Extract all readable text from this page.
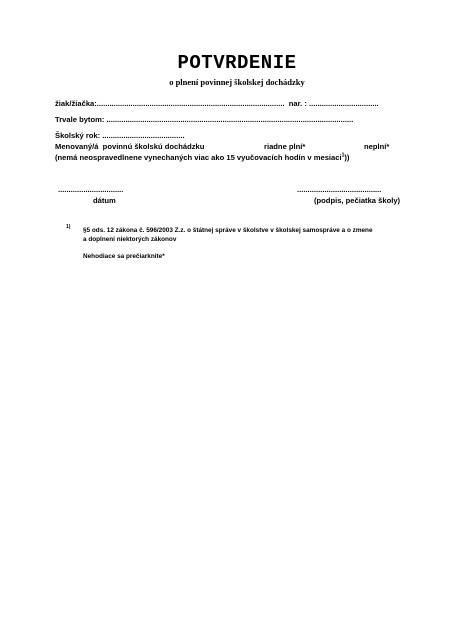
POTVRDENIE
o plnení povinnej školskej dochádzky
žiak/žiačka:.........................................................................................  nar. : .................................
Trvale bytom: .....................................................................................................................
Školský rok: .......................................
Menovaný/á  povinnú školskú dochádzku	riadne plní*	neplní*
(nemá neospravedlnene vynechaných viac ako 15 vyučovacích hodín v mesiaci$^1$))
...............................
dátum
........................................
(podpis, pečiatka školy)
1) §5 ods. 12 zákona č. 596/2003 Z.z. o štátnej správe v školstve v školskej samospráve a o zmene
a doplnení niektorých zákonov
Nehodiace sa prečiarknite*
